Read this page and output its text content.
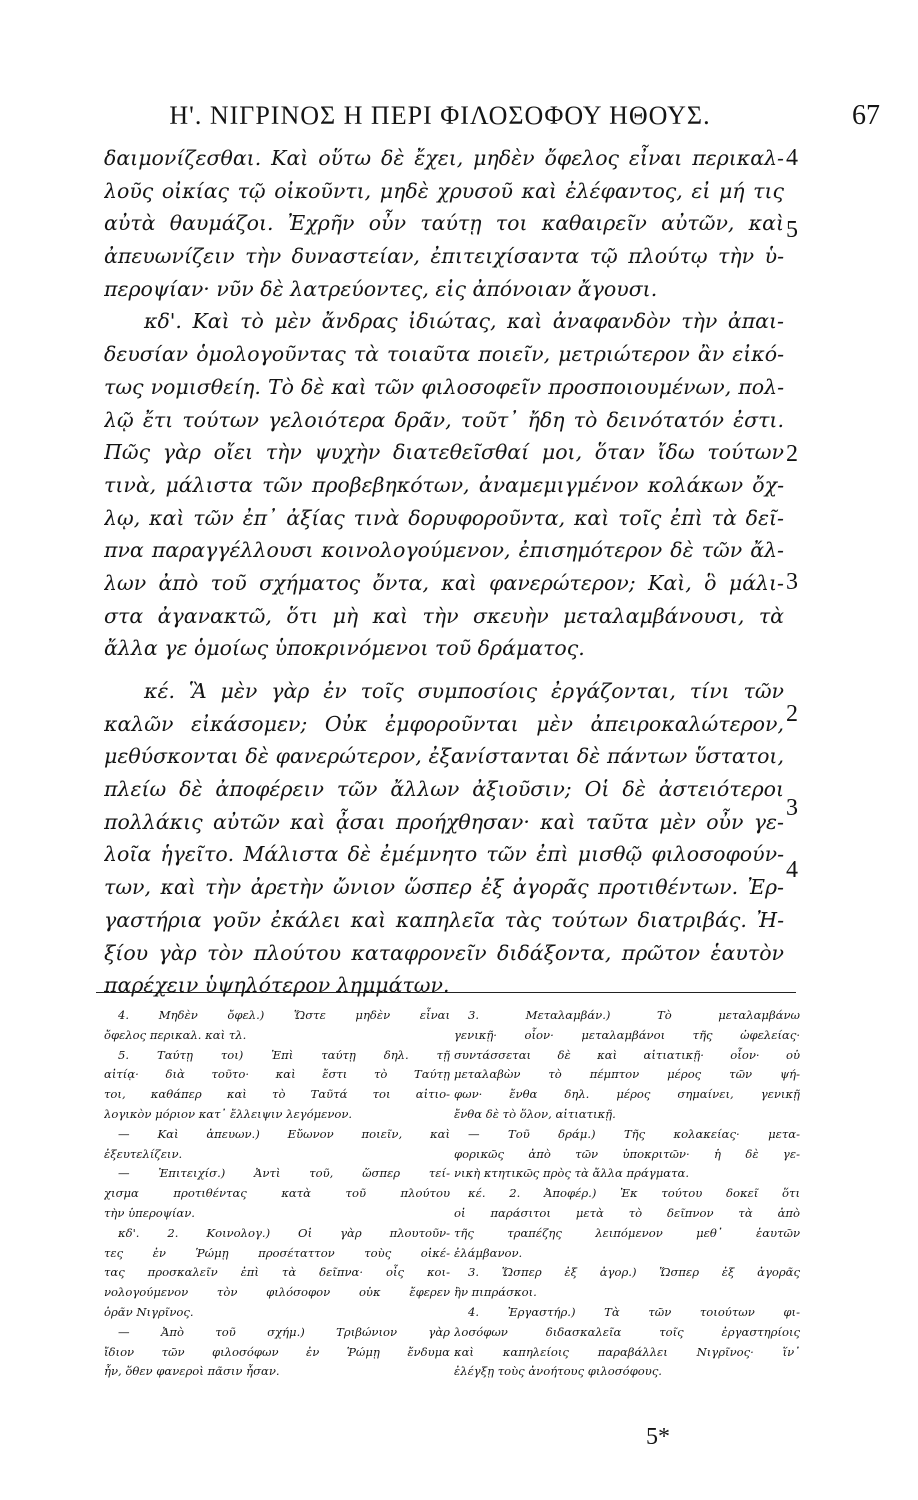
Η'. ΝΙΓΡΙΝΟΣ Η ΠΕΡΙ ΦΙΛΟΣΟΦΟΥ ΗΘΟΥΣ.	67
δαιμονίζεσθαι. Καὶ οὕτω δὲ ἔχει, μηδὲν ὄφελος εἶναι περικαλ-
λοῦς οἰκίας τῷ οἰκοῦντι, μηδὲ χρυσοῦ καὶ ἐλέφαντος, εἰ μή τις
αὐτὰ θαυμάζοι. Ἐχρῆν οὖν ταύτῃ τοι καθαιρεῖν αὐτῶν, καὶ
ἀπευωνίζειν τὴν δυναστείαν, ἐπιτειχίσαντα τῷ πλούτῳ τὴν ὑ-
περοψίαν· νῦν δὲ λατρεύοντες, εἰς ἀπόνοιαν ἄγουσι.
κδ'. Καὶ τὸ μὲν ἄνδρας ἰδιώτας, καὶ ἀναφανδὸν τὴν ἀπαι-
δευσίαν ὁμολογοῦντας τὰ τοιαῦτα ποιεῖν, μετριώτερον ἂν εἰκό-
τως νομισθείη. Τὸ δὲ καὶ τῶν φιλοσοφεῖν προσποιουμένων, πολ-
λῷ ἔτι τούτων γελοιότερα δρᾶν, τοῦτ᾽ ἤδη τὸ δεινότατόν ἐστι.
Πῶς γὰρ οἴει τὴν ψυχὴν διατεθεῖσθαί μοι, ὅταν ἴδω τούτων
τινὰ, μάλιστα τῶν προβεβηκότων, ἀναμεμιγμένον κολάκων ὄχ-
λῳ, καὶ τῶν ἐπ᾽ ἀξίας τινὰ δορυφοροῦντα, καὶ τοῖς ἐπὶ τὰ δεῖ-
πνα παραγγέλλουσι κοινολογούμενον, ἐπισημότερον δὲ τῶν ἄλ-
λων ἀπὸ τοῦ σχήματος ὄντα, καὶ φανερώτερον; Καὶ, ὃ μάλι-
στα ἀγανακτῶ, ὅτι μὴ καὶ τὴν σκευὴν μεταλαμβάνουσι, τὰ
ἄλλα γε ὁμοίως ὑποκρινόμενοι τοῦ δράματος.
κέ. Ἃ μὲν γὰρ ἐν τοῖς συμποσίοις ἐργάζονται, τίνι τῶν
καλῶν εἰκάσομεν; Οὐκ ἐμφοροῦνται μὲν ἀπειροκαλώτερον,
μεθύσκονται δὲ φανερώτερον, ἐξανίστανται δὲ πάντων ὕστατοι,
πλείω δὲ ἀποφέρειν τῶν ἄλλων ἀξιοῦσιν; Οἱ δὲ ἀστειότεροι
πολλάκις αὐτῶν καὶ ᾆσαι προήχθησαν· καὶ ταῦτα μὲν οὖν γε-
λοῖα ἡγεῖτο. Μάλιστα δὲ ἐμέμνητο τῶν ἐπὶ μισθῷ φιλοσοφούν-
των, καὶ τὴν ἀρετὴν ὤνιον ὥσπερ ἐξ ἀγορᾶς προτιθέντων. Ἐρ-
γαστήρια γοῦν ἐκάλει καὶ καπηλεῖα τὰς τούτων διατριβάς. Ἠ-
ξίου γὰρ τὸν πλούτου καταφρονεῖν διδάξοντα, πρῶτον ἑαυτὸν
παρέχειν ὑψηλότερον λημμάτων.
4
5
2
3
2
3
4
4. Μηδὲν ὄφελ.) Ὥστε μηδὲν εἶναι
ὄφελος περικαλ. καὶ τλ.
5. Ταύτῃ τοι) Ἐπὶ ταύτῃ δηλ. τῇ
αἰτίᾳ· διὰ τοῦτο· καὶ ἔστι τὸ Ταύτῃ
τοι, καθάπερ καὶ τὸ Ταῦτά τοι αἰτιο-
λογικὸν μόριον κατ᾽ ἔλλειψιν λεγόμενον.
— Καὶ ἀπευων.) Εὔωνον ποιεῖν, καὶ
ἐξευτελίζειν.
— Ἐπιτειχίσ.) Ἀντὶ τοῦ, ὥσπερ τεί-
χισμα προτιθέντας κατὰ τοῦ πλούτου
τὴν ὑπεροψίαν.
κδ'. 2. Κοινολογ.) Οἱ γὰρ πλουτοῦν-
τες ἐν Ῥώμῃ προσέταττον τοὺς οἰκέ-
τας προσκαλεῖν ἐπὶ τὰ δεῖπνα· οἷς κοι-
νολογούμενον τὸν φιλόσοφον οὐκ ἔφερεν
ὁρᾶν Νιγρῖνος.
— Ἀπὸ τοῦ σχήμ.) Τριβώνιον γὰρ
ἴδιον τῶν φιλοσόφων ἐν Ῥώμῃ ἔνδυμα
ἦν, ὅθεν φανεροὶ πᾶσιν ἦσαν.
3. Μεταλαμβάν.) Τὸ μεταλαμβάνω
γενικῇ· οἷον· μεταλαμβάνοι τῆς ὠφελείας·
συντάσσεται δὲ καὶ αἰτιατικῇ· οἷον· οὐ
μεταλαβὼν τὸ πέμπτον μέρος τῶν ψή-
φων· ἔνθα δηλ. μέρος σημαίνει, γενικῇ
ἔνθα δὲ τὸ ὅλον, αἰτιατικῇ.
— Τοῦ δράμ.) Τῆς κολακείας· μετα-
φορικῶς ἀπὸ τῶν ὑποκριτῶν· ἡ δὲ γε-
νικὴ κτητικῶς πρὸς τὰ ἄλλα πράγματα.
κέ. 2. Ἀποφέρ.) Ἐκ τούτου δοκεῖ ὅτι
οἱ παράσιτοι μετὰ τὸ δεῖπνον τὰ ἀπὸ
τῆς τραπέζης λειπόμενον μεθ᾽ ἑαυτῶν
ἐλάμβανον.
3. Ὥσπερ ἐξ ἀγορ.) Ὥσπερ ἐξ ἀγορᾶς
ἢν πιπράσκοι.
4. Ἐργαστήρ.) Τὰ τῶν τοιούτων φι-
λοσόφων διδασκαλεῖα τοῖς ἐργαστηρίοις
καὶ καπηλείοις παραβάλλει Νιγρῖνος· ἵν᾽
ἐλέγξῃ τοὺς ἀνοήτους φιλοσόφους.
5*
